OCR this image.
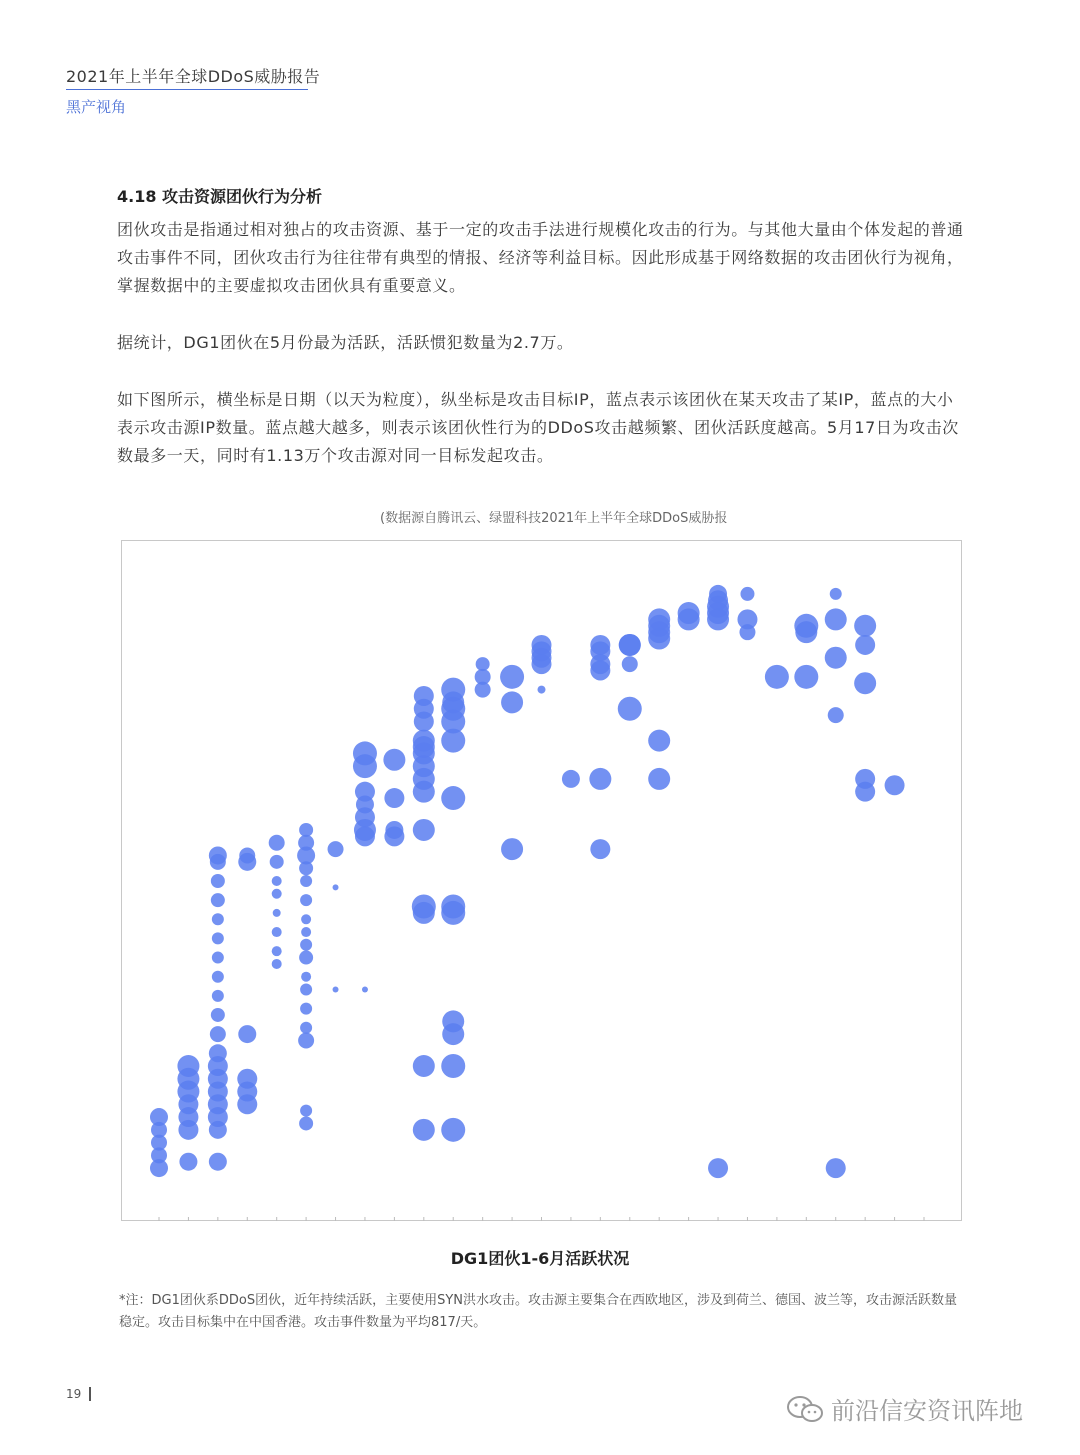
2021年上半年全球DDoS威胁报告
黑产视角
4.18 攻击资源团伙行为分析
团伙攻击是指通过相对独占的攻击资源、基于一定的攻击手法进行规模化攻击的行为。与其他大量由个体发起的普通攻击事件不同，团伙攻击行为往往带有典型的情报、经济等利益目标。因此形成基于网络数据的攻击团伙行为视角，掌握数据中的主要虚拟攻击团伙具有重要意义。
据统计，DG1团伙在5月份最为活跃，活跃惯犯数量为2.7万。
如下图所示，横坐标是日期（以天为粒度），纵坐标是攻击目标IP，蓝点表示该团伙在某天攻击了某IP，蓝点的大小表示攻击源IP数量。蓝点越大越多，则表示该团伙性行为的DDoS攻击越频繁、团伙活跃度越高。5月17日为攻击次数最多一天，同时有1.13万个攻击源对同一目标发起攻击。
(数据源自腾讯云、绿盟科技2021年上半年全球DDoS威胁报
DG1团伙1-6月活跃状况
*注：DG1团伙系DDoS团伙，近年持续活跃，主要使用SYN洪水攻击。攻击源主要集合在西欧地区，涉及到荷兰、德国、波兰等，攻击源活跃数量稳定。攻击目标集中在中国香港。攻击事件数量为平均817/天。
19
前沿信安资讯阵地
